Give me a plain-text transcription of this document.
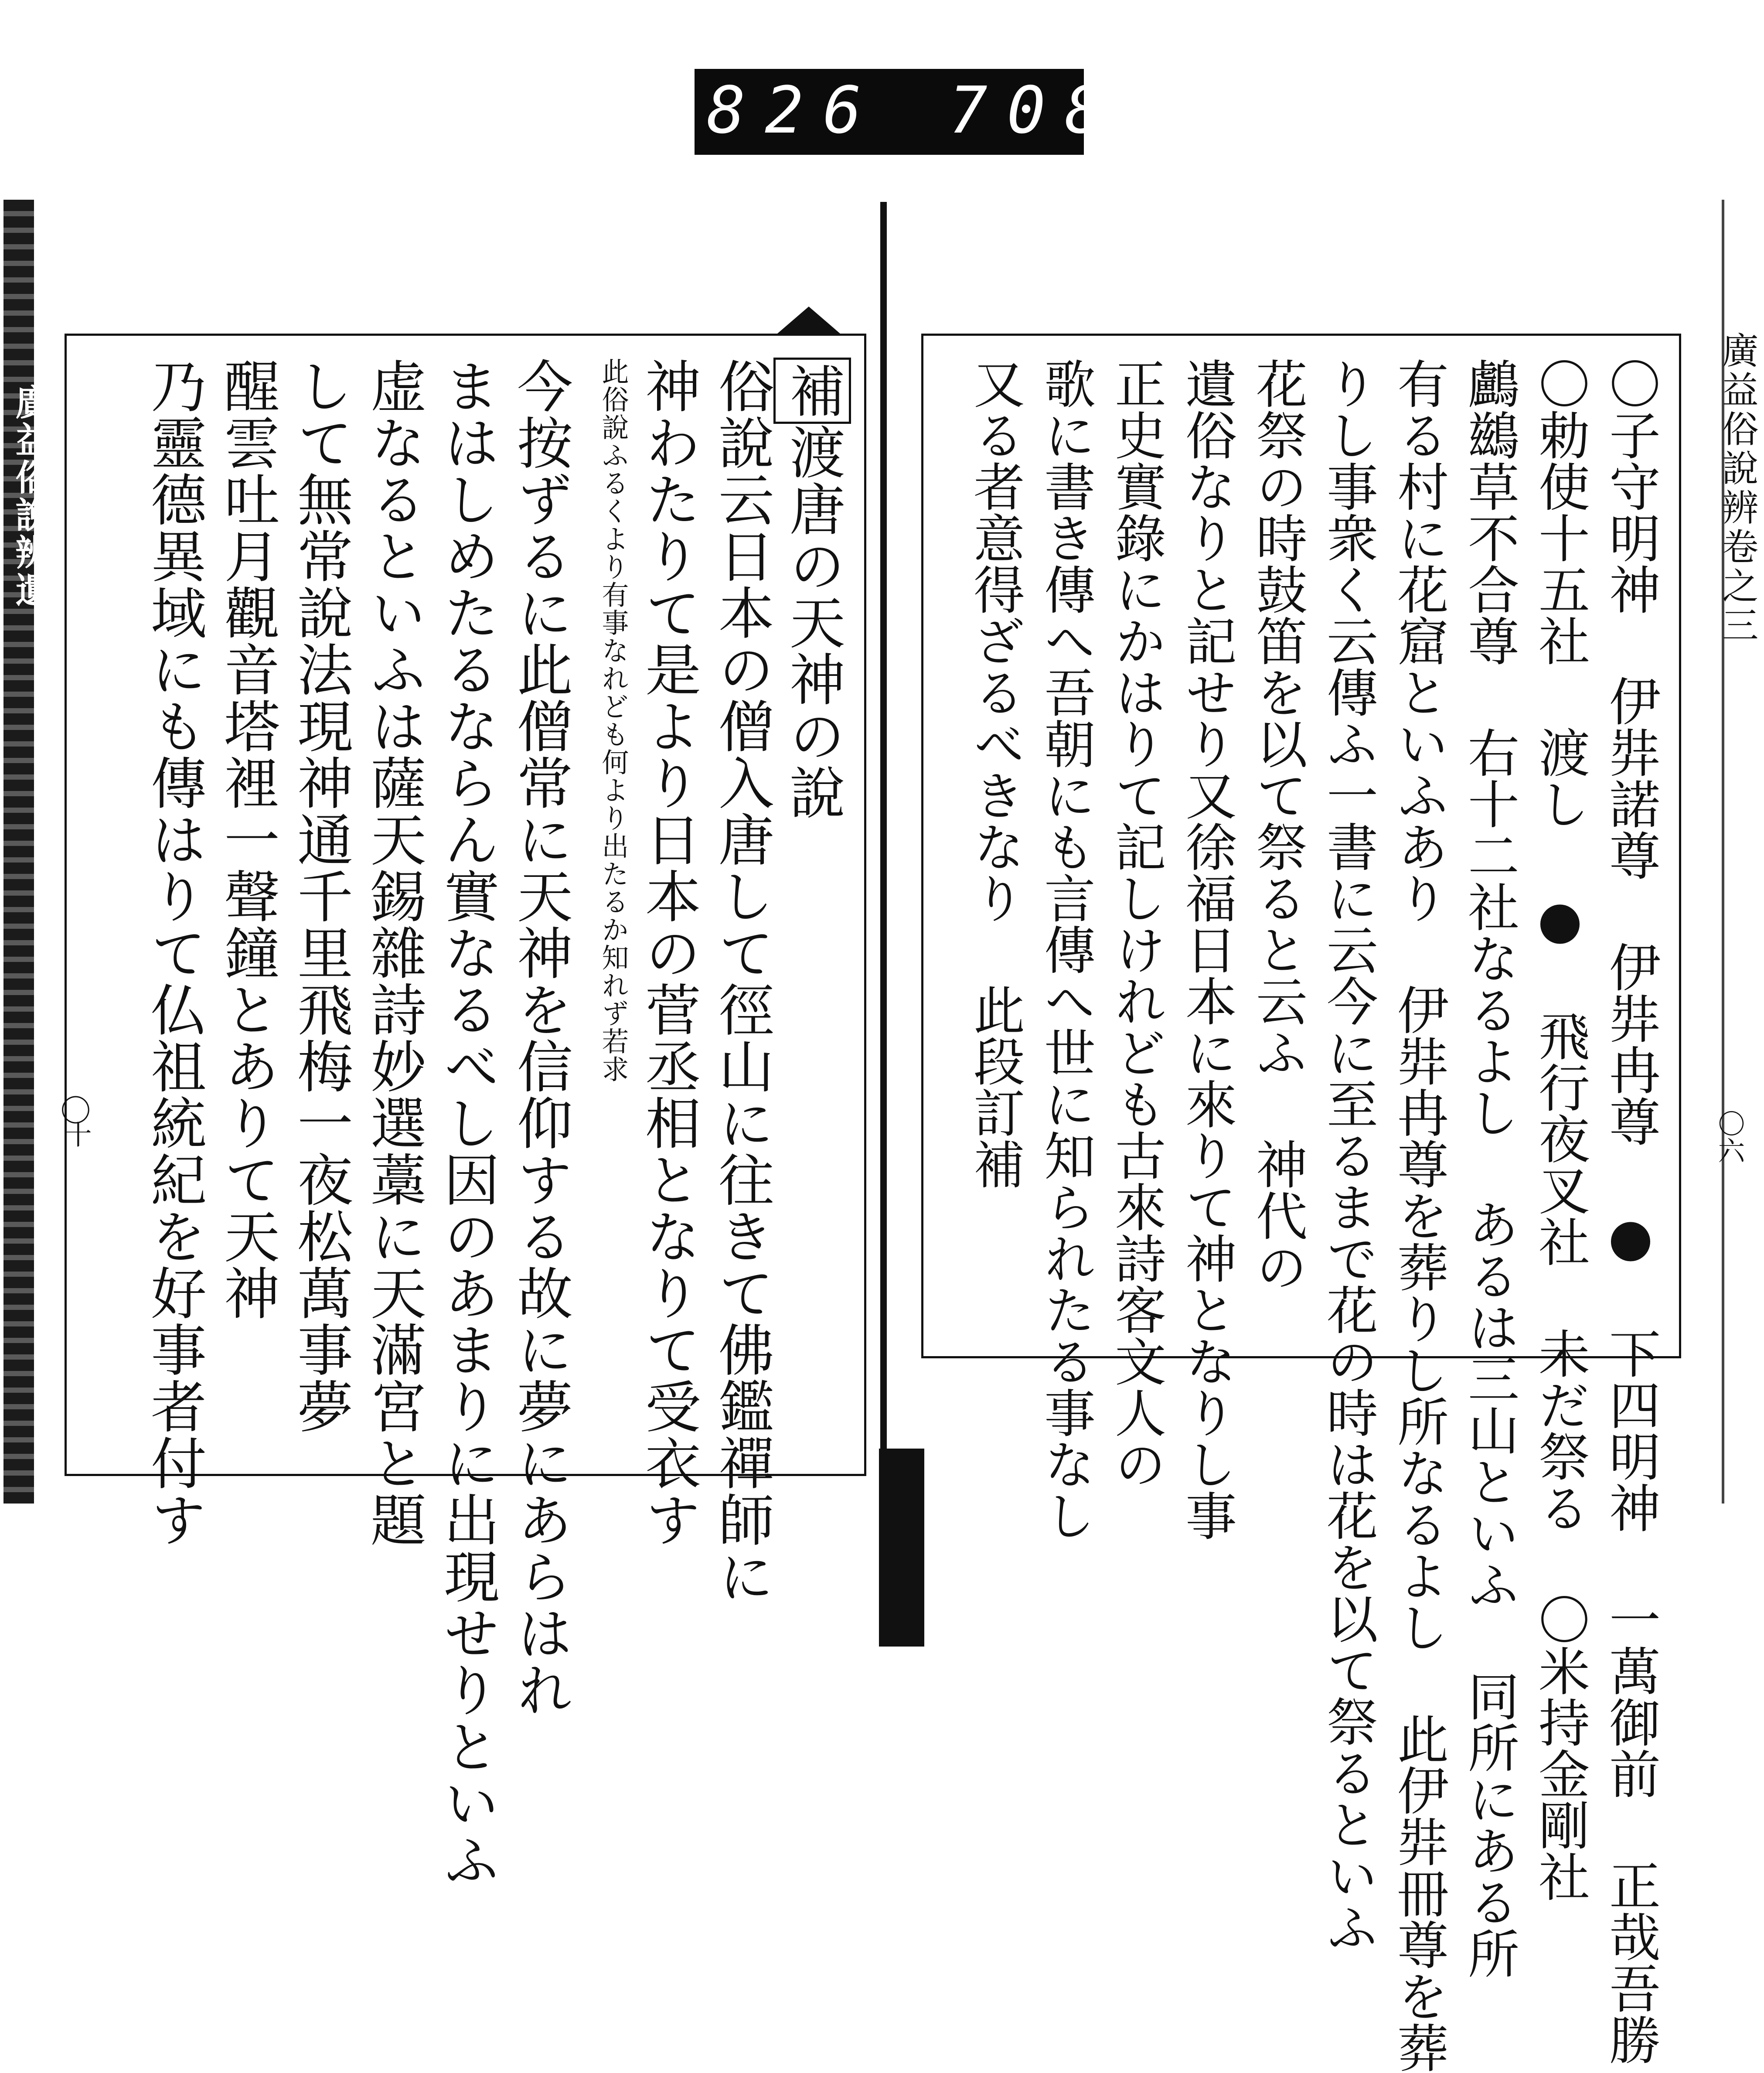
826 708
廣益俗說辨遺
〇
十
廣益俗說辨卷之三
〇六
補渡唐の天神の說
俗說云日本の僧入唐して徑山に往きて佛鑑禪師に
神わたりて是より日本の菅丞相となりて受衣す
此俗說ふるくより有事なれども何より出たるか知れず若求
今按ずるに此僧常に天神を信仰する故に夢にあらはれ
まはしめたるならん實なるべし因のあまりに出現せりといふ
虚なるといふは薩天錫雜詩妙選藁に天滿宮と題
して無常說法現神通千里飛梅一夜松萬事夢
醒雲吐月觀音塔裡一聲鐘とありて天神
乃靈德異域にも傳はりて仏祖統紀を好事者付す	〇子守明神 伊弉諾尊 伊弉冉尊 ● 下四明神 一萬御前 正哉吾勝
〇勅使十五社 渡し ● 飛行夜叉社 未だ祭る 〇米持金剛社
鸕鷀草不合尊 右十二社なるよし あるは三山といふ 同所にある所
有る村に花窟といふあり 伊弉冉尊を葬りし所なるよし 此伊弉冊尊を葬
りし事衆く云傳ふ一書に云今に至るまで花の時は花を以て祭るといふ
花祭の時鼓笛を以て祭ると云ふ 神代の
遺俗なりと記せり又徐福日本に來りて神となりし事
正史實錄にかはりて記しけれども古來詩客文人の
歌に書き傳へ吾朝にも言傳へ世に知られたる事なし
又る者意得ざるべきなり 此段訂補
